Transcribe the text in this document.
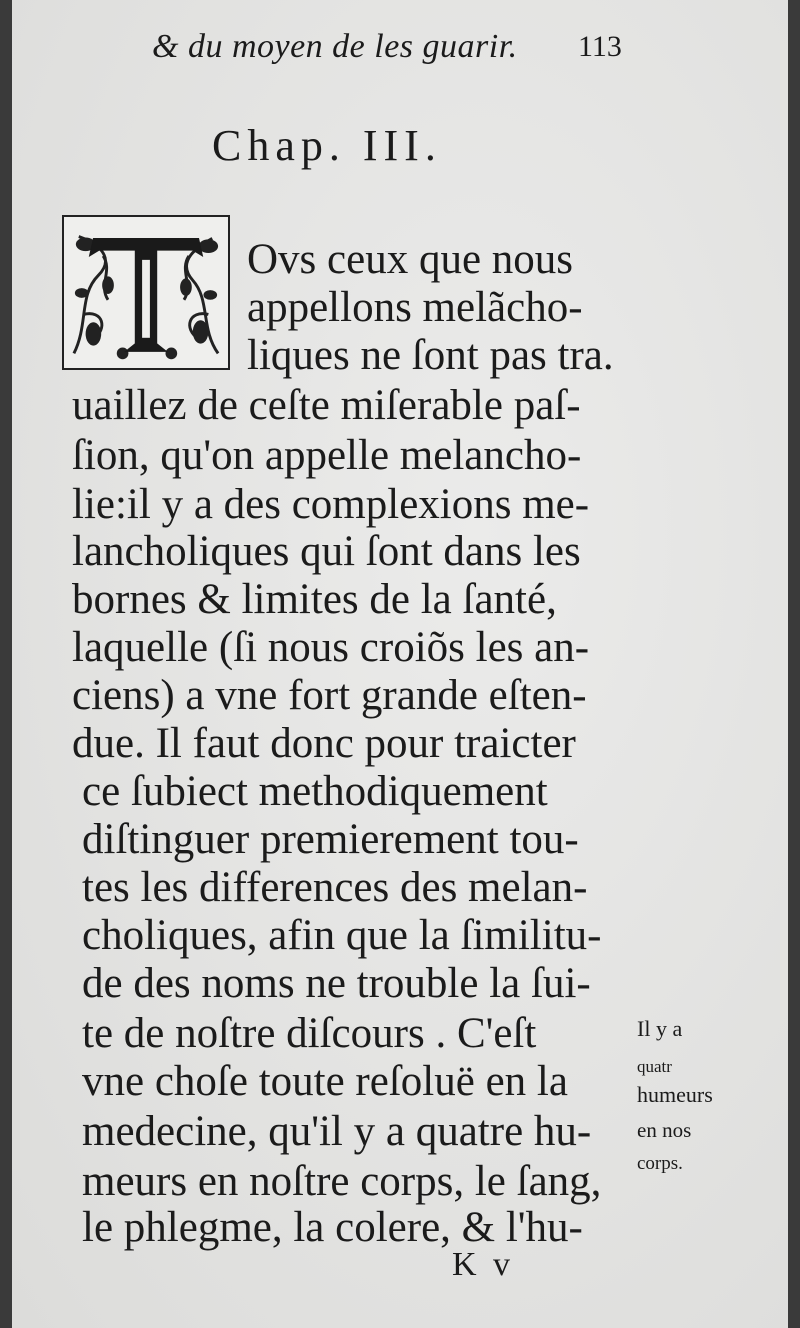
& du moyen de les guarir.	113
Chap. III.
Ovs ceux que nous
appellons melãcho-
liques ne ſont pas tra.
uaillez de ceſte miſerable paſ-
ſion, qu'on appelle melancho-
lie:il y a des complexions me-
lancholiques qui ſont dans les
bornes & limites de la ſanté,
laquelle (ſi nous croiõs les an-
ciens) a vne fort grande eſten-
due. Il faut donc pour traicter
ce ſubiect methodiquement
diſtinguer premierement tou-
tes les differences des melan-
choliques, afin que la ſimilitu-
de des noms ne trouble la ſui-
te de noſtre diſcours . C'eſt
vne choſe toute reſoluë en la
medecine, qu'il y a quatre hu-
meurs en noſtre corps, le ſang,
le phlegme, la colere, & l'hu-
Il y a
quatr
humeurs
en nos
corps.
K v
